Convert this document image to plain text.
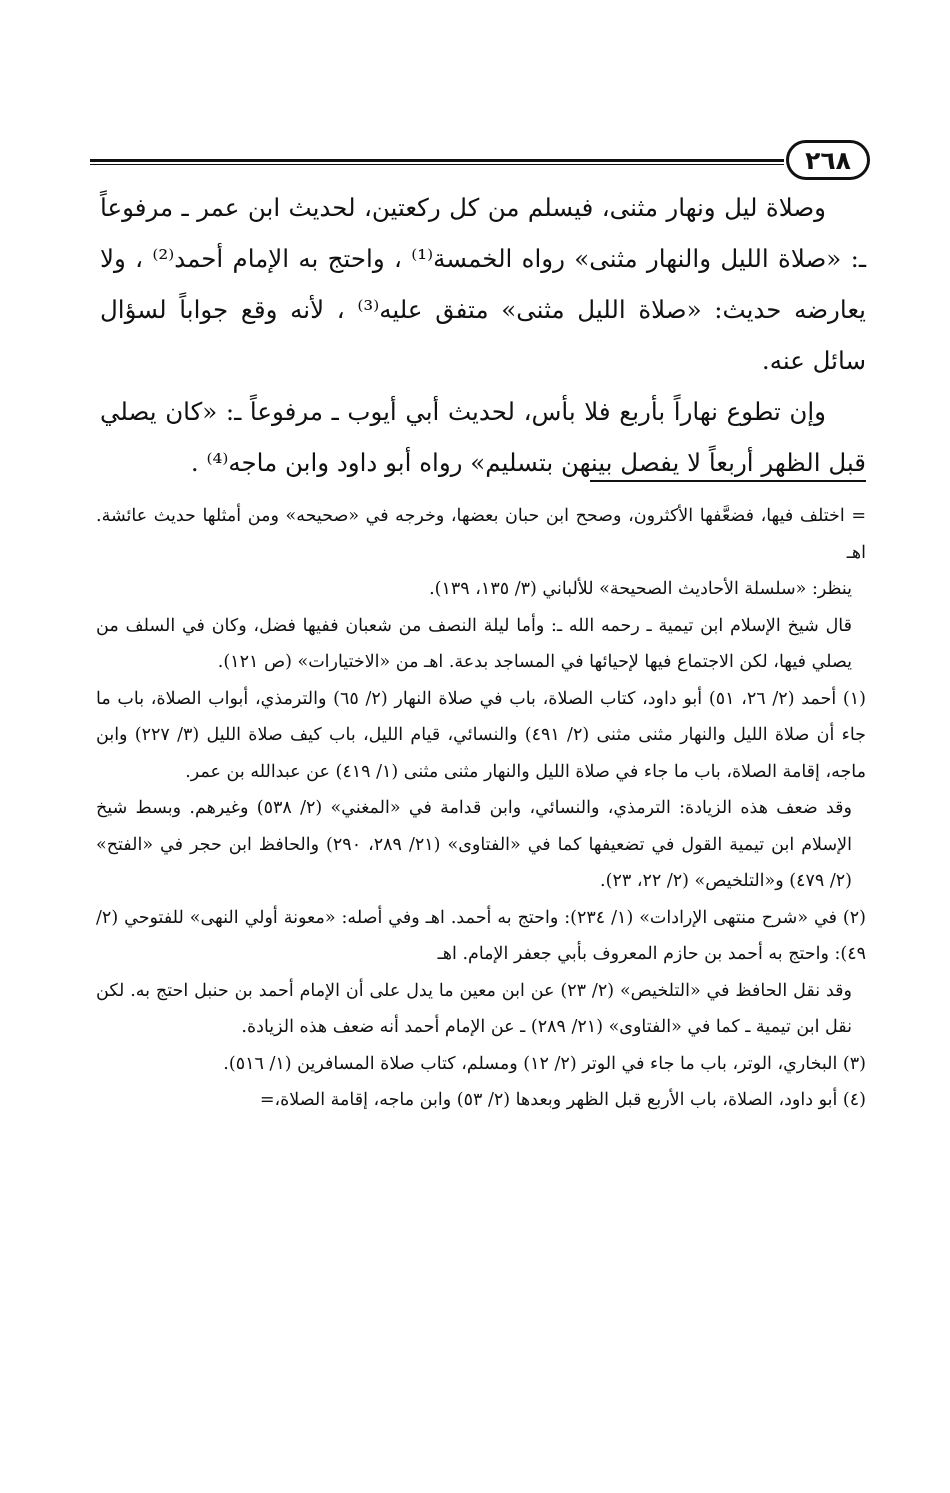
٢٦٨

وصلاة ليل ونهار مثنى، فيسلم من كل ركعتين، لحديث ابن عمر ـ مرفوعاً ـ: «صلاة الليل والنهار مثنى» رواه الخمسة⁽¹⁾ ، واحتج به الإمام أحمد⁽²⁾ ، ولا يعارضه حديث: «صلاة الليل مثنى» متفق عليه⁽³⁾ ، لأنه وقع جواباً لسؤال سائل عنه.

وإن تطوع نهاراً بأربع فلا بأس، لحديث أبي أيوب ـ مرفوعاً ـ: «كان يصلي قبل الظهر أربعاً لا يفصل بينهن بتسليم» رواه أبو داود وابن ماجه⁽⁴⁾ .

= اختلف فيها، فضعَّفها الأكثرون، وصحح ابن حبان بعضها، وخرجه في «صحيحه» ومن أمثلها حديث عائشة. اهـ

ينظر: «سلسلة الأحاديث الصحيحة» للألباني (٣/ ١٣٥، ١٣٩).

قال شيخ الإسلام ابن تيمية ـ رحمه الله ـ: وأما ليلة النصف من شعبان ففيها فضل، وكان في السلف من يصلي فيها، لكن الاجتماع فيها لإحيائها في المساجد بدعة. اهـ من «الاختيارات» (ص ١٢١).

(١) أحمد (٢/ ٢٦، ٥١) أبو داود، كتاب الصلاة، باب في صلاة النهار (٢/ ٦٥) والترمذي، أبواب الصلاة، باب ما جاء أن صلاة الليل والنهار مثنى مثنى (٢/ ٤٩١) والنسائي، قيام الليل، باب كيف صلاة الليل (٣/ ٢٢٧) وابن ماجه، إقامة الصلاة، باب ما جاء في صلاة الليل والنهار مثنى مثنى (١/ ٤١٩) عن عبدالله بن عمر.

وقد ضعف هذه الزيادة: الترمذي، والنسائي، وابن قدامة في «المغني» (٢/ ٥٣٨) وغيرهم. وبسط شيخ الإسلام ابن تيمية القول في تضعيفها كما في «الفتاوى» (٢١/ ٢٨٩، ٢٩٠) والحافظ ابن حجر في «الفتح» (٢/ ٤٧٩) و«التلخيص» (٢/ ٢٢، ٢٣).

(٢) في «شرح منتهى الإرادات» (١/ ٢٣٤): واحتج به أحمد. اهـ وفي أصله: «معونة أولي النهى» للفتوحي (٢/ ٤٩): واحتج به أحمد بن حازم المعروف بأبي جعفر الإمام. اهـ

وقد نقل الحافظ في «التلخيص» (٢/ ٢٣) عن ابن معين ما يدل على أن الإمام أحمد بن حنبل احتج به. لكن نقل ابن تيمية ـ كما في «الفتاوى» (٢١/ ٢٨٩) ـ عن الإمام أحمد أنه ضعف هذه الزيادة.

(٣) البخاري، الوتر، باب ما جاء في الوتر (٢/ ١٢) ومسلم، كتاب صلاة المسافرين (١/ ٥١٦).

(٤) أبو داود، الصلاة، باب الأربع قبل الظهر وبعدها (٢/ ٥٣) وابن ماجه، إقامة الصلاة،=
